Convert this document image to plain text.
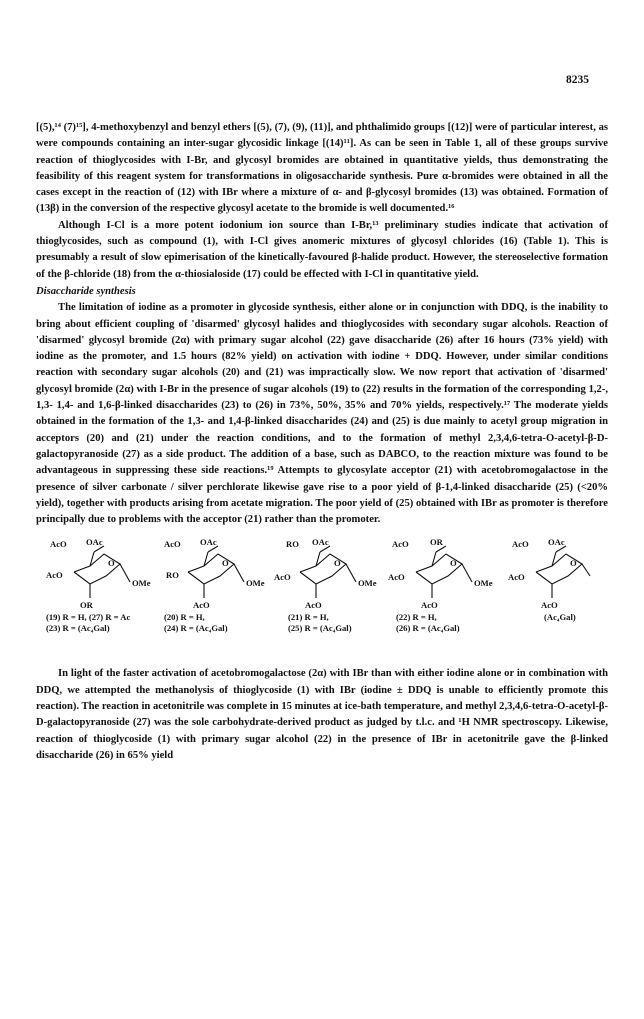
8235

[(5),¹⁴ (7)¹⁵], 4-methoxybenzyl and benzyl ethers [(5), (7), (9), (11)], and phthalimido groups [(12)] were of particular interest, as were compounds containing an inter-sugar glycosidic linkage [(14)¹¹]. As can be seen in Table 1, all of these groups survive reaction of thioglycosides with I-Br, and glycosyl bromides are obtained in quantitative yields, thus demonstrating the feasibility of this reagent system for transformations in oligosaccharide synthesis. Pure α-bromides were obtained in all the cases except in the reaction of (12) with IBr where a mixture of α- and β-glycosyl bromides (13) was obtained. Formation of (13β) in the conversion of the respective glycosyl acetate to the bromide is well documented.¹⁶

Although I-Cl is a more potent iodonium ion source than I-Br,¹³ preliminary studies indicate that activation of thioglycosides, such as compound (1), with I-Cl gives anomeric mixtures of glycosyl chlorides (16) (Table 1). This is presumably a result of slow epimerisation of the kinetically-favoured β-halide product. However, the stereoselective formation of the β-chloride (18) from the α-thiosialoside (17) could be effected with I-Cl in quantitative yield.

Disaccharide synthesis

The limitation of iodine as a promoter in glycoside synthesis, either alone or in conjunction with DDQ, is the inability to bring about efficient coupling of 'disarmed' glycosyl halides and thioglycosides with secondary sugar alcohols. Reaction of 'disarmed' glycosyl bromide (2α) with primary sugar alcohol (22) gave disaccharide (26) after 16 hours (73% yield) with iodine as the promoter, and 1.5 hours (82% yield) on activation with iodine + DDQ. However, under similar conditions reaction with secondary sugar alcohols (20) and (21) was impractically slow. We now report that activation of 'disarmed' glycosyl bromide (2α) with I-Br in the presence of sugar alcohols (19) to (22) results in the formation of the corresponding 1,2-, 1,3- 1,4- and 1,6-β-linked disaccharides (23) to (26) in 73%, 50%, 35% and 70% yields, respectively.¹⁷ The moderate yields obtained in the formation of the 1,3- and 1,4-β-linked disaccharides (24) and (25) is due mainly to acetyl group migration in acceptors (20) and (21) under the reaction conditions, and to the formation of methyl 2,3,4,6-tetra-O-acetyl-β-D-galactopyranoside (27) as a side product. The addition of a base, such as DABCO, to the reaction mixture was found to be advantageous in suppressing these side reactions.¹⁹ Attempts to glycosylate acceptor (21) with acetobromogalactose in the presence of silver carbonate / silver perchlorate likewise gave rise to a poor yield of β-1,4-linked disaccharide (25) (<20% yield), together with products arising from acetate migration. The poor yield of (25) obtained with IBr as promoter is therefore principally due to problems with the acceptor (21) rather than the promoter.

AcO OAc
AcO
O
OMe
OR
(19) R = H, (27) R = Ac
(23) R = (Ac₄Gal)
AcO OAc
RO
O
OMe
AcO
(20) R = H,
(24) R = (Ac₄Gal)
RO OAc
AcO
O
OMe
AcO
(21) R = H,
(25) R = (Ac₄Gal)
AcO OR
AcO
O
OMe
AcO
(22) R = H,
(26) R = (Ac₄Gal)
AcO OAc
AcO
O
AcO
(Ac₄Gal)

In light of the faster activation of acetobromogalactose (2α) with IBr than with either iodine alone or in combination with DDQ, we attempted the methanolysis of thioglycoside (1) with IBr (iodine ± DDQ is unable to efficiently promote this reaction). The reaction in acetonitrile was complete in 15 minutes at ice-bath temperature, and methyl 2,3,4,6-tetra-O-acetyl-β-D-galactopyranoside (27) was the sole carbohydrate-derived product as judged by t.l.c. and ¹H NMR spectroscopy. Likewise, reaction of thioglycoside (1) with primary sugar alcohol (22) in the presence of IBr in acetonitrile gave the β-linked disaccharide (26) in 65% yield
